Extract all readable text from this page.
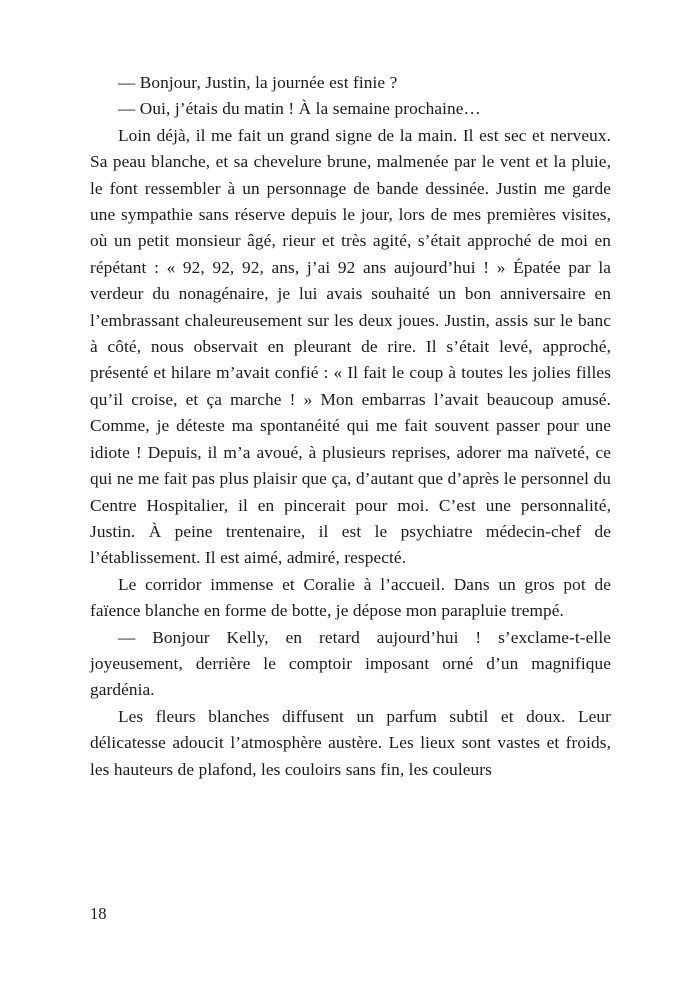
— Bonjour, Justin, la journée est finie ?

— Oui, j’étais du matin ! À la semaine prochaine…

Loin déjà, il me fait un grand signe de la main. Il est sec et nerveux. Sa peau blanche, et sa chevelure brune, malmenée par le vent et la pluie, le font ressembler à un personnage de bande dessinée. Justin me garde une sympathie sans réserve depuis le jour, lors de mes premières visites, où un petit monsieur âgé, rieur et très agité, s’était approché de moi en répétant : « 92, 92, 92, ans, j’ai 92 ans aujourd’hui ! » Épatée par la verdeur du nonagénaire, je lui avais souhaité un bon anniversaire en l’embrassant chaleureusement sur les deux joues. Justin, assis sur le banc à côté, nous observait en pleurant de rire. Il s’était levé, approché, présenté et hilare m’avait confié : « Il fait le coup à toutes les jolies filles qu’il croise, et ça marche ! » Mon embarras l’avait beaucoup amusé. Comme, je déteste ma spontanéité qui me fait souvent passer pour une idiote ! Depuis, il m’a avoué, à plusieurs reprises, adorer ma naïveté, ce qui ne me fait pas plus plaisir que ça, d’autant que d’après le personnel du Centre Hospitalier, il en pincerait pour moi. C’est une personnalité, Justin. À peine trentenaire, il est le psychiatre médecin-chef de l’établissement. Il est aimé, admiré, respecté.

Le corridor immense et Coralie à l’accueil. Dans un gros pot de faïence blanche en forme de botte, je dépose mon parapluie trempé.

— Bonjour Kelly, en retard aujourd’hui ! s’exclame-t-elle joyeusement, derrière le comptoir imposant orné d’un magnifique gardénia.

Les fleurs blanches diffusent un parfum subtil et doux. Leur délicatesse adoucit l’atmosphère austère. Les lieux sont vastes et froids, les hauteurs de plafond, les couloirs sans fin, les couleurs

18
